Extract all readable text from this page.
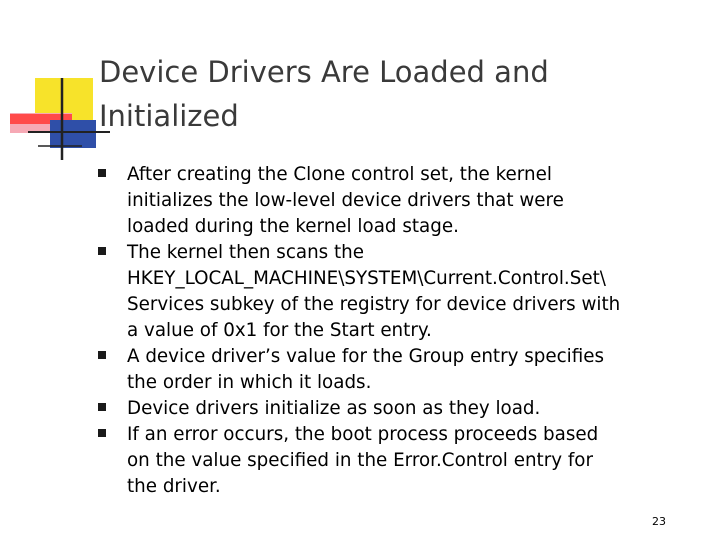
Device Drivers Are Loaded and
Initialized
After creating the Clone control set, the kernel
initializes the low-level device drivers that were
loaded during the kernel load stage.
The kernel then scans the
HKEY_LOCAL_MACHINE\SYSTEM\Current.Control.Set\
Services subkey of the registry for device drivers with
a value of 0x1 for the Start entry.
A device driver’s value for the Group entry specifies
the order in which it loads.
Device drivers initialize as soon as they load.
If an error occurs, the boot process proceeds based
on the value specified in the Error.Control entry for
the driver.
23
